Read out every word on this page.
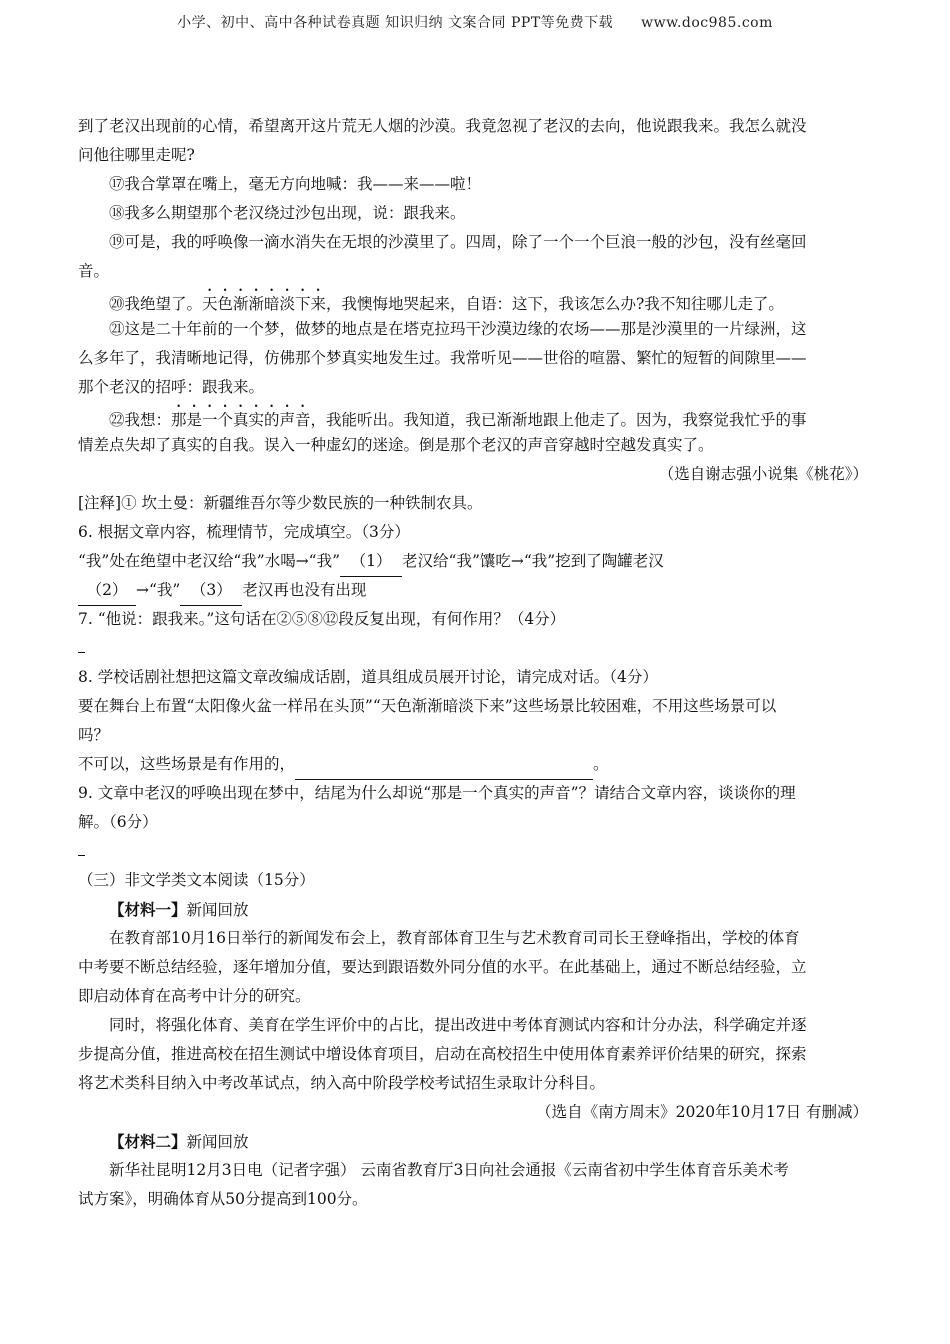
小学、初中、高中各种试卷真题 知识归纳 文案合同 PPT等免费下载 www.doc985.com
到了老汉出现前的心情，希望离开这片荒无人烟的沙漠。我竟忽视了老汉的去向，他说跟我来。我怎么就没
问他往哪里走呢?
⑰我合掌罩在嘴上，毫无方向地喊：我——来——啦！
⑱我多么期望那个老汉绕过沙包出现，说：跟我来。
⑲可是，我的呼唤像一滴水消失在无垠的沙漠里了。四周，除了一个一个巨浪一般的沙包，没有丝毫回
音。
⑳我绝望了。天色渐渐暗淡下来，我懊悔地哭起来，自语：这下，我该怎么办?我不知往哪儿走了。
㉑这是二十年前的一个梦，做梦的地点是在塔克拉玛干沙漠边缘的农场——那是沙漠里的一片绿洲，这
么多年了，我清晰地记得，仿佛那个梦真实地发生过。我常听见——世俗的喧嚣、繁忙的短暂的间隙里——
那个老汉的招呼：跟我来。
㉒我想：那是一个真实的声音，我能听出。我知道，我已渐渐地跟上他走了。因为，我察觉我忙乎的事
情差点失却了真实的自我。误入一种虚幻的迷途。倒是那个老汉的声音穿越时空越发真实了。
（选自谢志强小说集《桃花》）
[注释]① 坎土曼：新疆维吾尔等少数民族的一种铁制农具。
6. 根据文章内容，梳理情节，完成填空。（3分）
“我”处在绝望中老汉给“我”水喝→“我” （1） 老汉给“我”馕吃→“我”挖到了陶罐老汉
（2） →“我” （3） 老汉再也没有出现
7. “他说：跟我来。”这句话在②⑤⑧⑫段反复出现，有何作用？（4分）
8. 学校话剧社想把这篇文章改编成话剧，道具组成员展开讨论，请完成对话。（4分）
要在舞台上布置“太阳像火盆一样吊在头顶”“天色渐渐暗淡下来”这些场景比较困难，不用这些场景可以
吗？
不可以，这些场景是有作用的，	。
9. 文章中老汉的呼唤出现在梦中，结尾为什么却说“那是一个真实的声音”？请结合文章内容，谈谈你的理
解。（6分）
（三）非文学类文本阅读（15分）
【材料一】新闻回放
在教育部10月16日举行的新闻发布会上，教育部体育卫生与艺术教育司司长王登峰指出，学校的体育
中考要不断总结经验，逐年增加分值，要达到跟语数外同分值的水平。在此基础上，通过不断总结经验，立
即启动体育在高考中计分的研究。
同时，将强化体育、美育在学生评价中的占比，提出改进中考体育测试内容和计分办法，科学确定并逐
步提高分值，推进高校在招生测试中增设体育项目，启动在高校招生中使用体育素养评价结果的研究，探索
将艺术类科目纳入中考改革试点，纳入高中阶段学校考试招生录取计分科目。
（选自《南方周末》2020年10月17日 有删减）
【材料二】新闻回放
新华社昆明12月3日电（记者字强） 云南省教育厅3日向社会通报《云南省初中学生体育音乐美术考
试方案》，明确体育从50分提高到100分。
